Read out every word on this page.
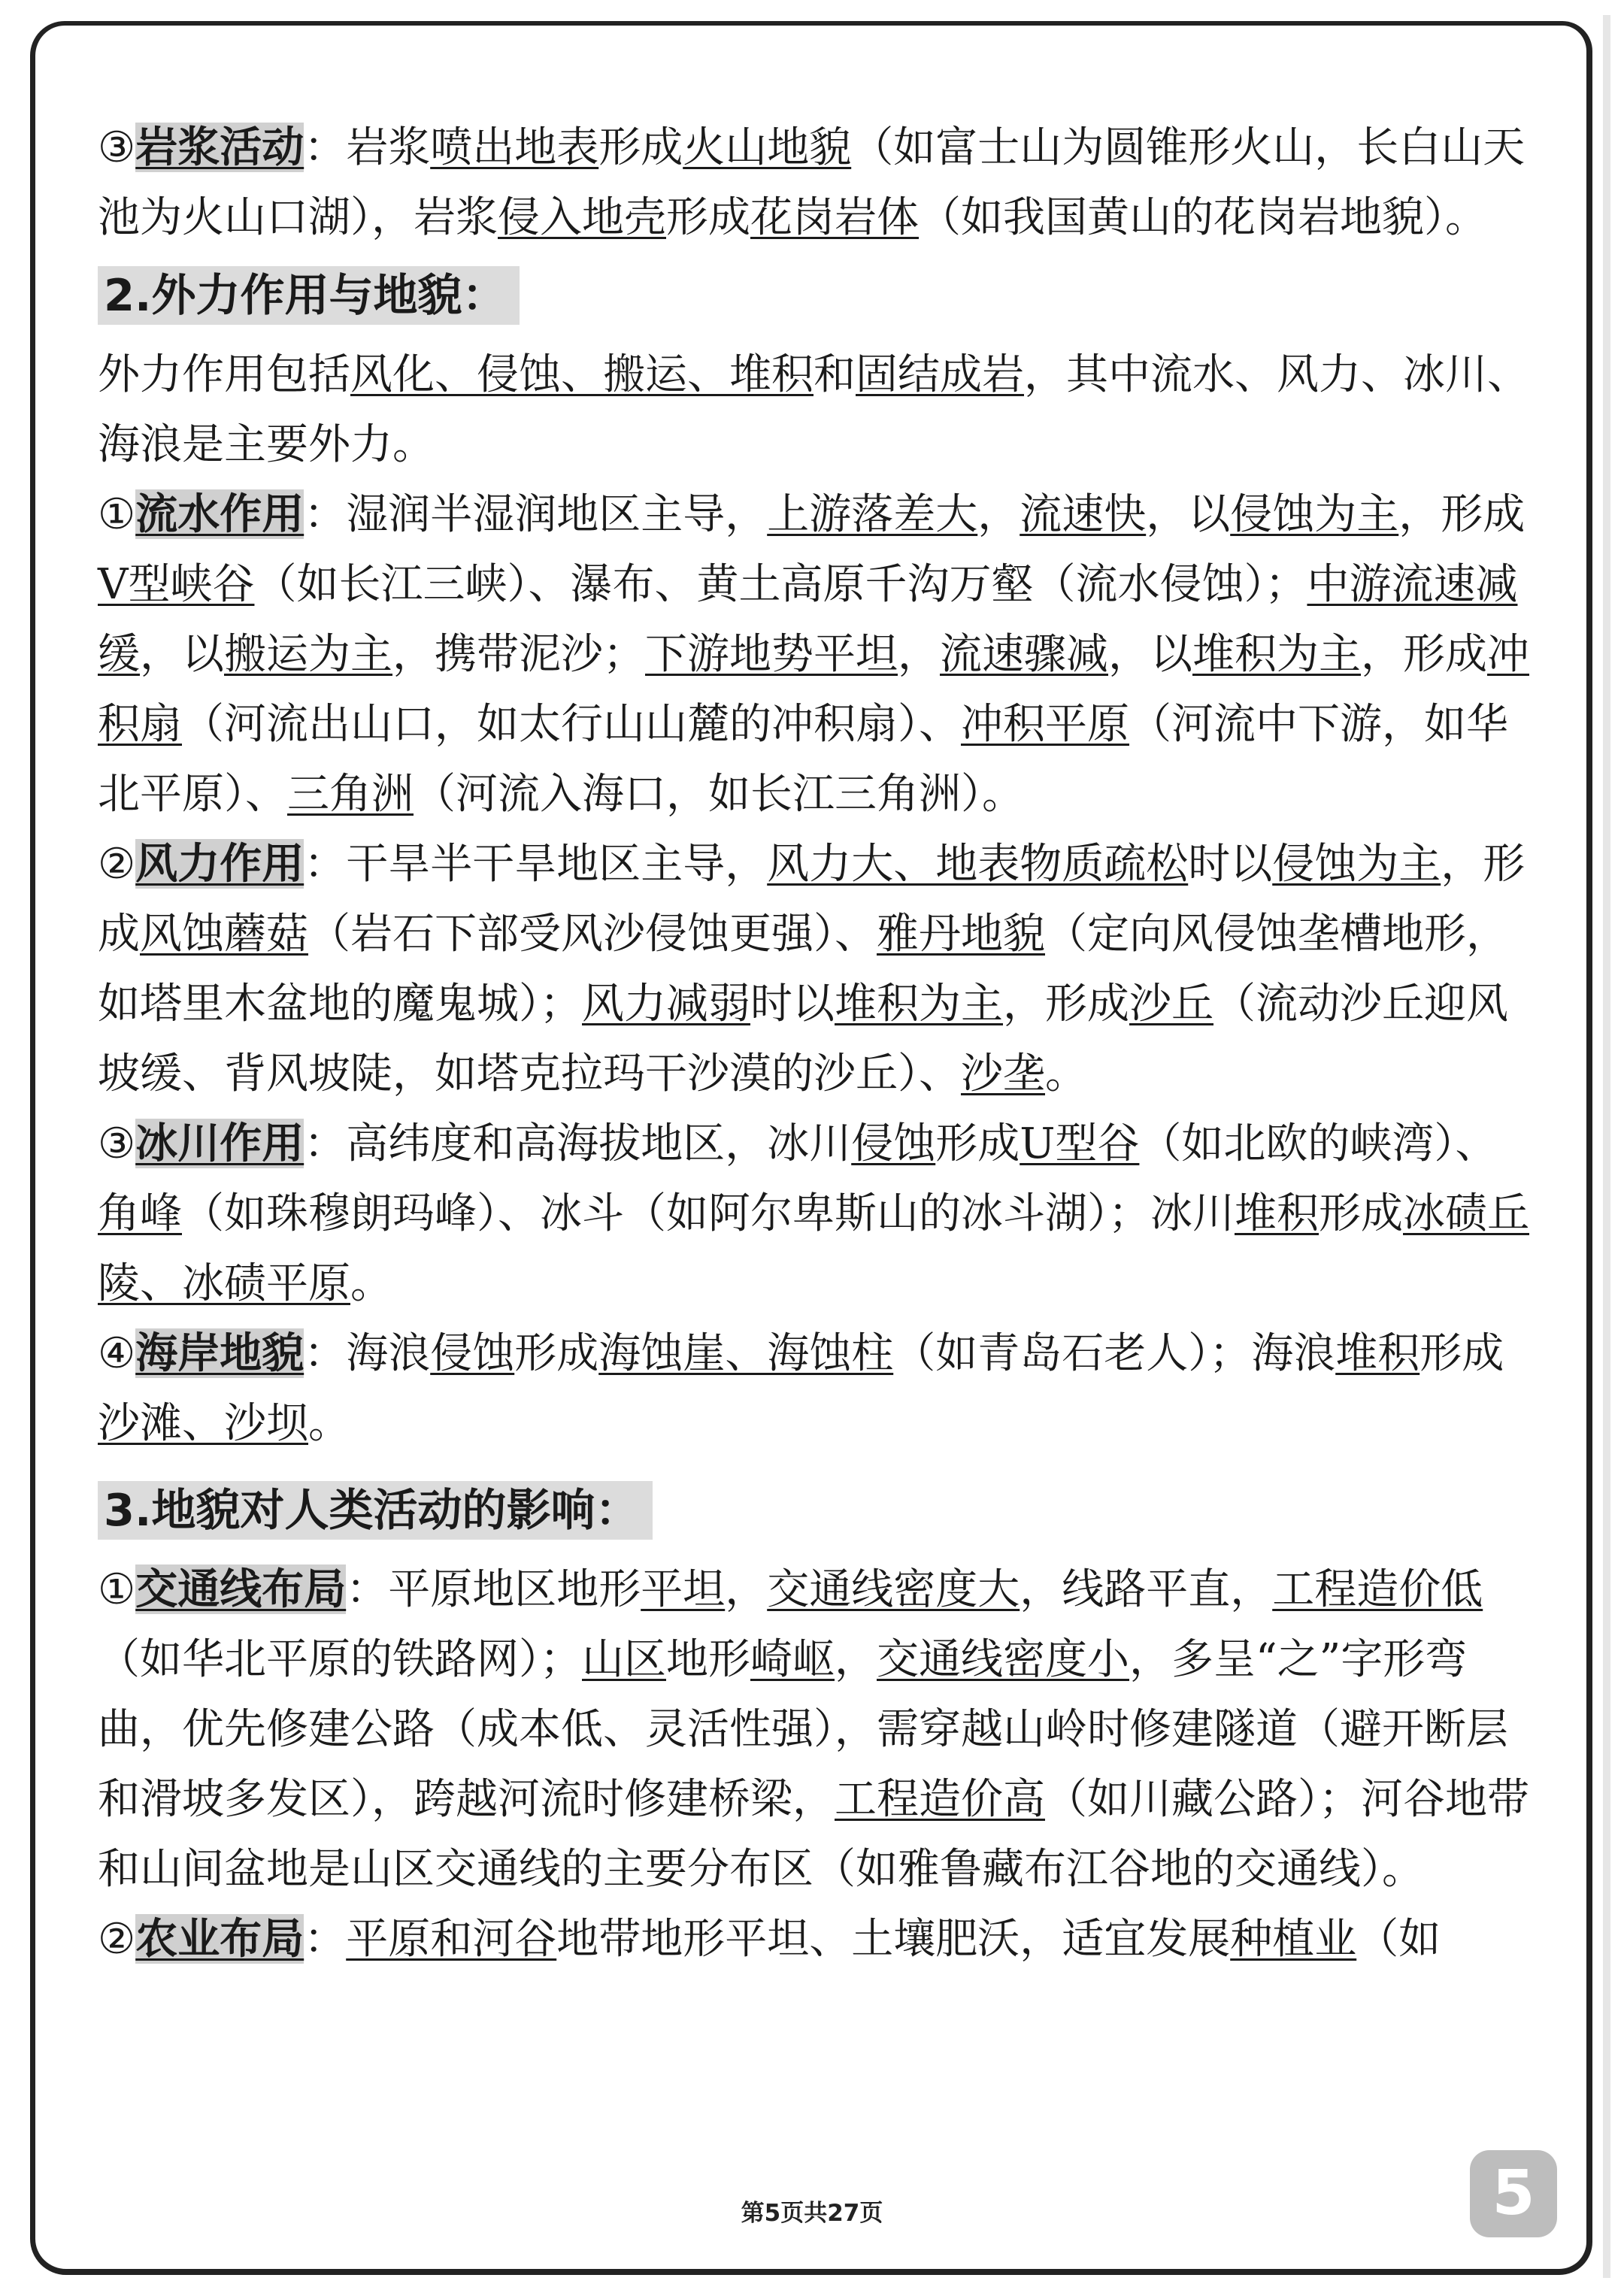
③岩浆活动：岩浆喷出地表形成火山地貌（如富士山为圆锥形火山，长白山天池为火山口湖），岩浆侵入地壳形成花岗岩体（如我国黄山的花岗岩地貌）。

2.外力作用与地貌：

外力作用包括风化、侵蚀、搬运、堆积和固结成岩，其中流水、风力、冰川、海浪是主要外力。

①流水作用：湿润半湿润地区主导，上游落差大，流速快，以侵蚀为主，形成V型峡谷（如长江三峡）、瀑布、黄土高原千沟万壑（流水侵蚀）；中游流速减缓，以搬运为主，携带泥沙；下游地势平坦，流速骤减，以堆积为主，形成冲积扇（河流出山口，如太行山山麓的冲积扇）、冲积平原（河流中下游，如华北平原）、三角洲（河流入海口，如长江三角洲）。

②风力作用：干旱半干旱地区主导，风力大、地表物质疏松时以侵蚀为主，形成风蚀蘑菇（岩石下部受风沙侵蚀更强）、雅丹地貌（定向风侵蚀垄槽地形，如塔里木盆地的魔鬼城）；风力减弱时以堆积为主，形成沙丘（流动沙丘迎风坡缓、背风坡陡，如塔克拉玛干沙漠的沙丘）、沙垄。

③冰川作用：高纬度和高海拔地区，冰川侵蚀形成U型谷（如北欧的峡湾）、角峰（如珠穆朗玛峰）、冰斗（如阿尔卑斯山的冰斗湖）；冰川堆积形成冰碛丘陵、冰碛平原。

④海岸地貌：海浪侵蚀形成海蚀崖、海蚀柱（如青岛石老人）；海浪堆积形成沙滩、沙坝。

3.地貌对人类活动的影响：

①交通线布局：平原地区地形平坦，交通线密度大，线路平直，工程造价低（如华北平原的铁路网）；山区地形崎岖，交通线密度小，多呈“之”字形弯曲，优先修建公路（成本低、灵活性强），需穿越山岭时修建隧道（避开断层和滑坡多发区），跨越河流时修建桥梁，工程造价高（如川藏公路）；河谷地带和山间盆地是山区交通线的主要分布区（如雅鲁藏布江谷地的交通线）。

②农业布局：平原和河谷地带地形平坦、土壤肥沃，适宜发展种植业（如

第5页共27页	5
